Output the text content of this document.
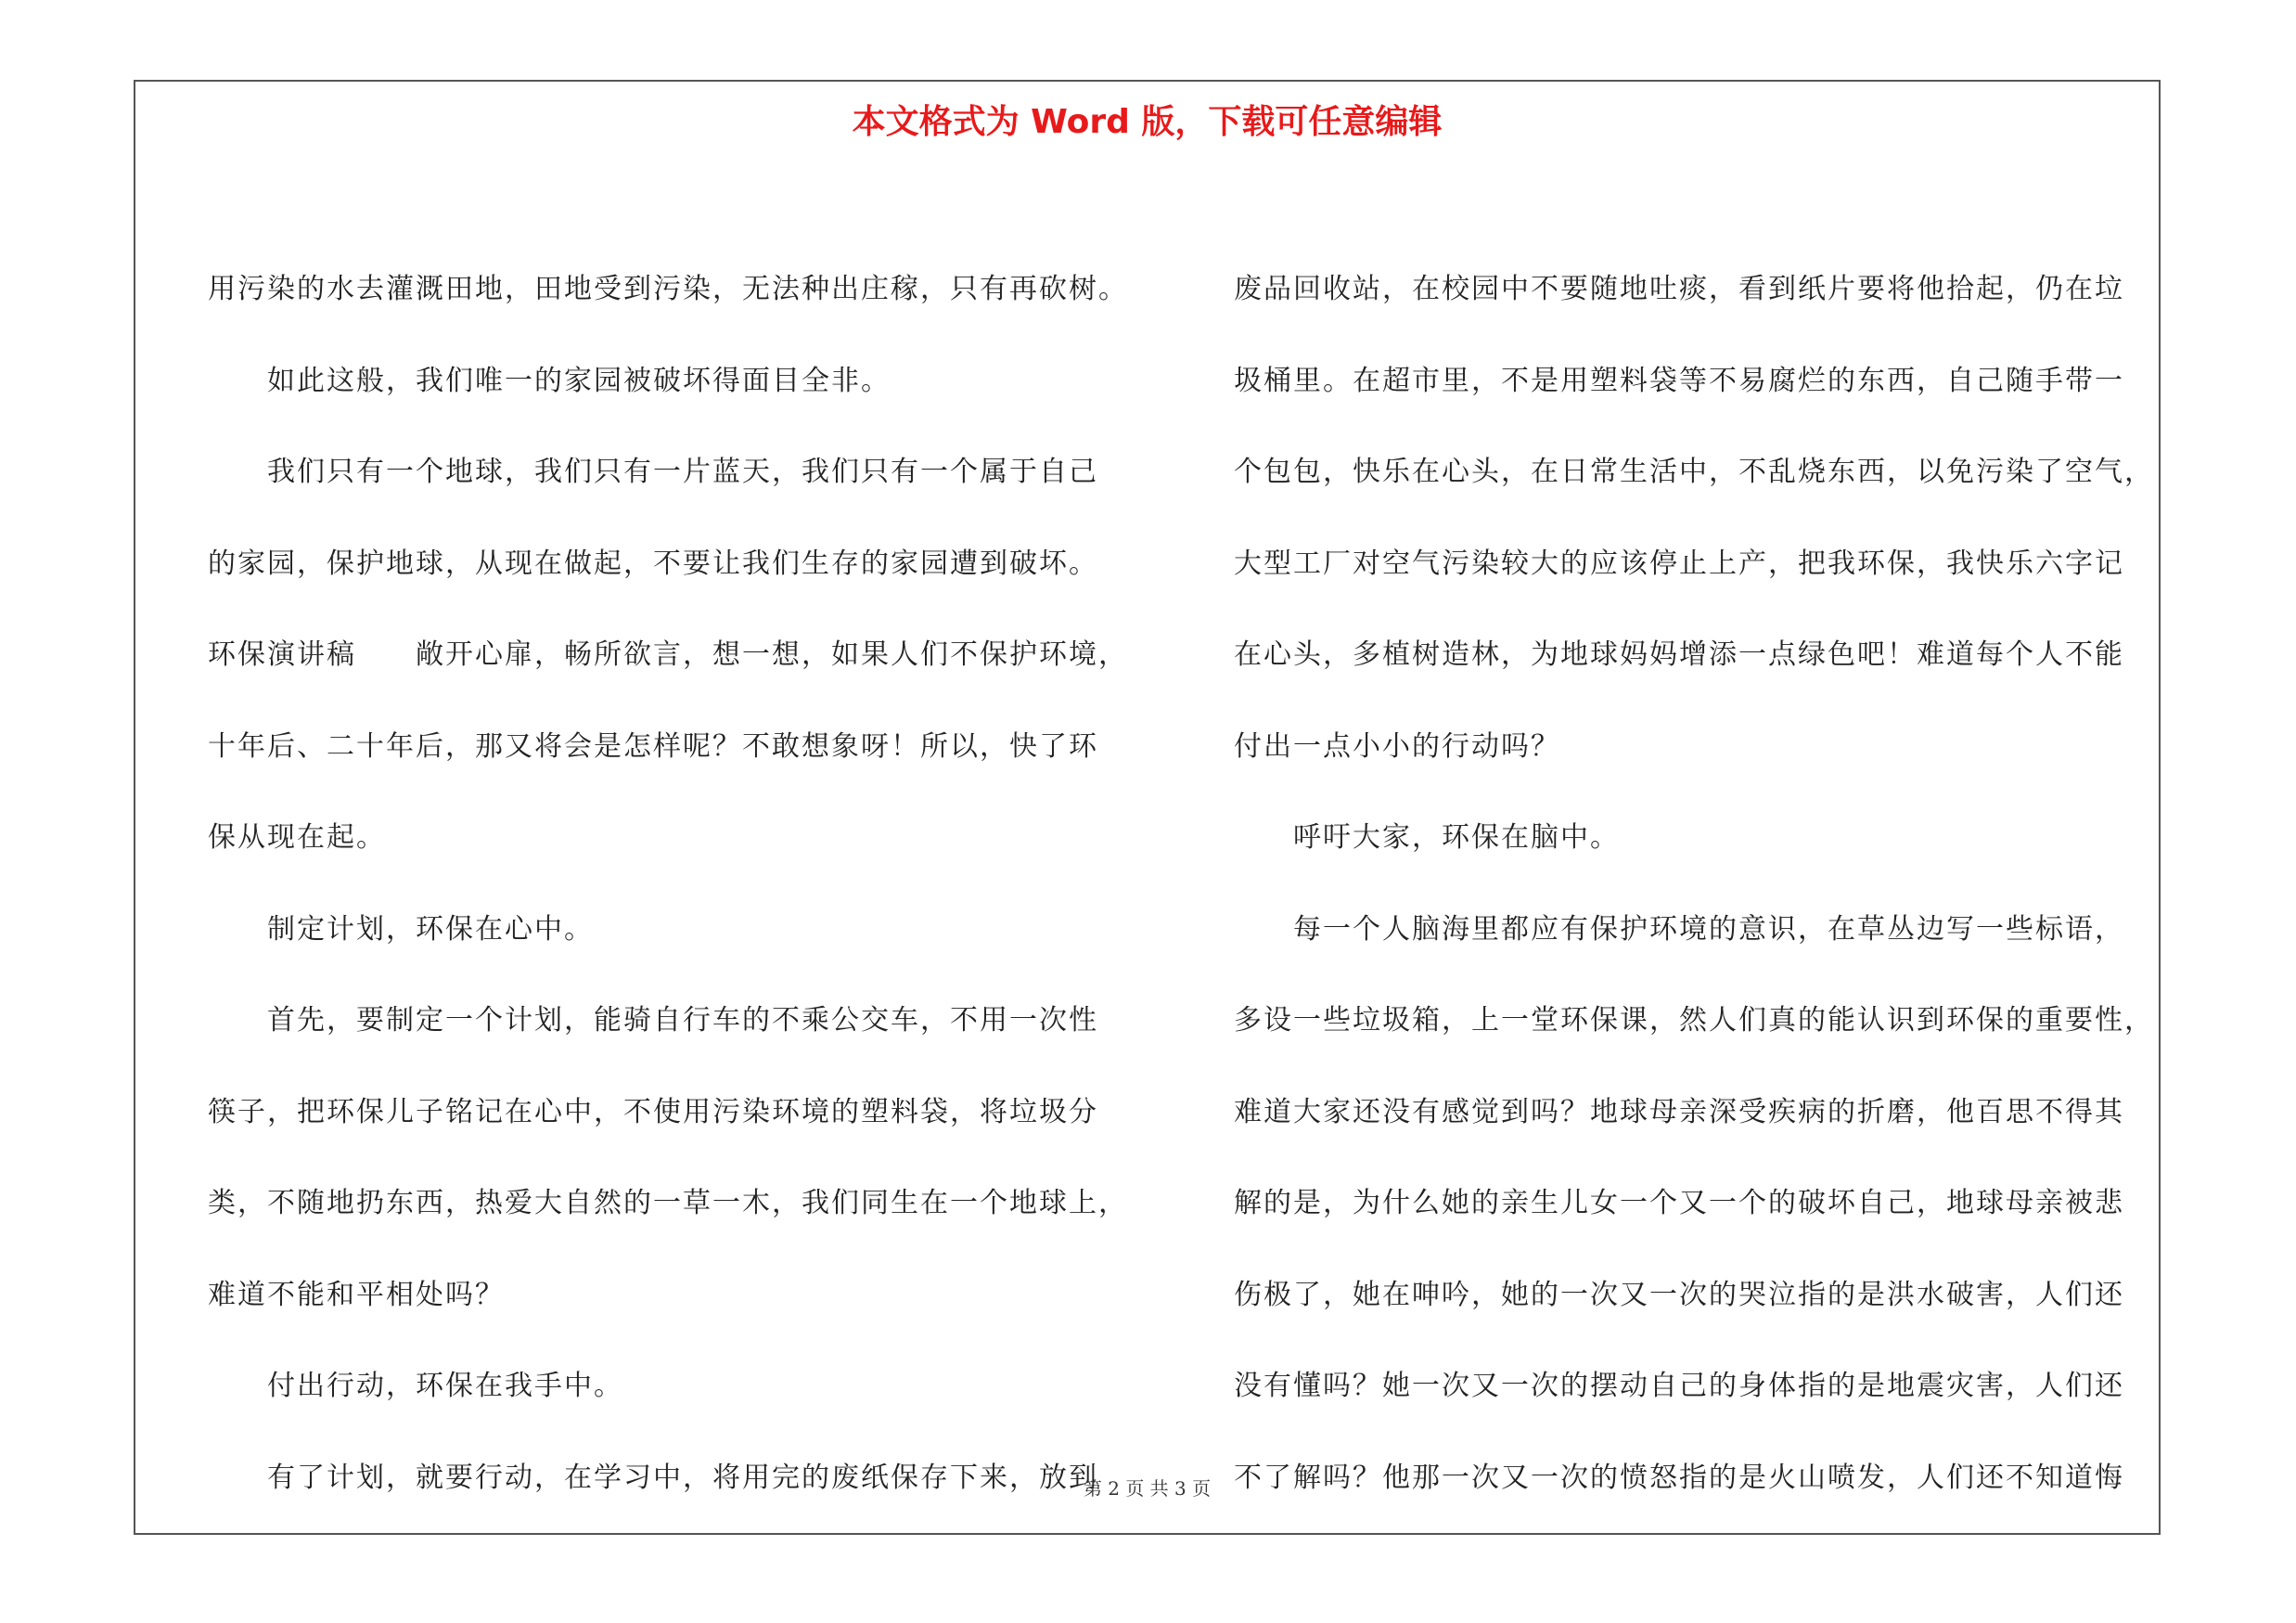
本文格式为 Word 版，下载可任意编辑

用污染的水去灌溉田地，田地受到污染，无法种出庄稼，只有再砍树。

如此这般，我们唯一的家园被破坏得面目全非。

我们只有一个地球，我们只有一片蓝天，我们只有一个属于自己

的家园，保护地球，从现在做起，不要让我们生存的家园遭到破坏。

环保演讲稿　　敞开心扉，畅所欲言，想一想，如果人们不保护环境，

十年后、二十年后，那又将会是怎样呢？不敢想象呀！所以，快了环

保从现在起。

制定计划，环保在心中。

首先，要制定一个计划，能骑自行车的不乘公交车，不用一次性

筷子，把环保儿子铭记在心中，不使用污染环境的塑料袋，将垃圾分

类，不随地扔东西，热爱大自然的一草一木，我们同生在一个地球上，

难道不能和平相处吗？

付出行动，环保在我手中。

有了计划，就要行动，在学习中，将用完的废纸保存下来，放到

废品回收站，在校园中不要随地吐痰，看到纸片要将他拾起，仍在垃

圾桶里。在超市里，不是用塑料袋等不易腐烂的东西，自己随手带一

个包包，快乐在心头，在日常生活中，不乱烧东西，以免污染了空气，

大型工厂对空气污染较大的应该停止上产，把我环保，我快乐六字记

在心头，多植树造林，为地球妈妈增添一点绿色吧！难道每个人不能

付出一点小小的行动吗？

呼吁大家，环保在脑中。

每一个人脑海里都应有保护环境的意识，在草丛边写一些标语，

多设一些垃圾箱，上一堂环保课，然人们真的能认识到环保的重要性，

难道大家还没有感觉到吗？地球母亲深受疾病的折磨，他百思不得其

解的是，为什么她的亲生儿女一个又一个的破坏自己，地球母亲被悲

伤极了，她在呻吟，她的一次又一次的哭泣指的是洪水破害，人们还

没有懂吗？她一次又一次的摆动自己的身体指的是地震灾害，人们还

不了解吗？他那一次又一次的愤怒指的是火山喷发，人们还不知道悔

第 2 页 共 3 页
